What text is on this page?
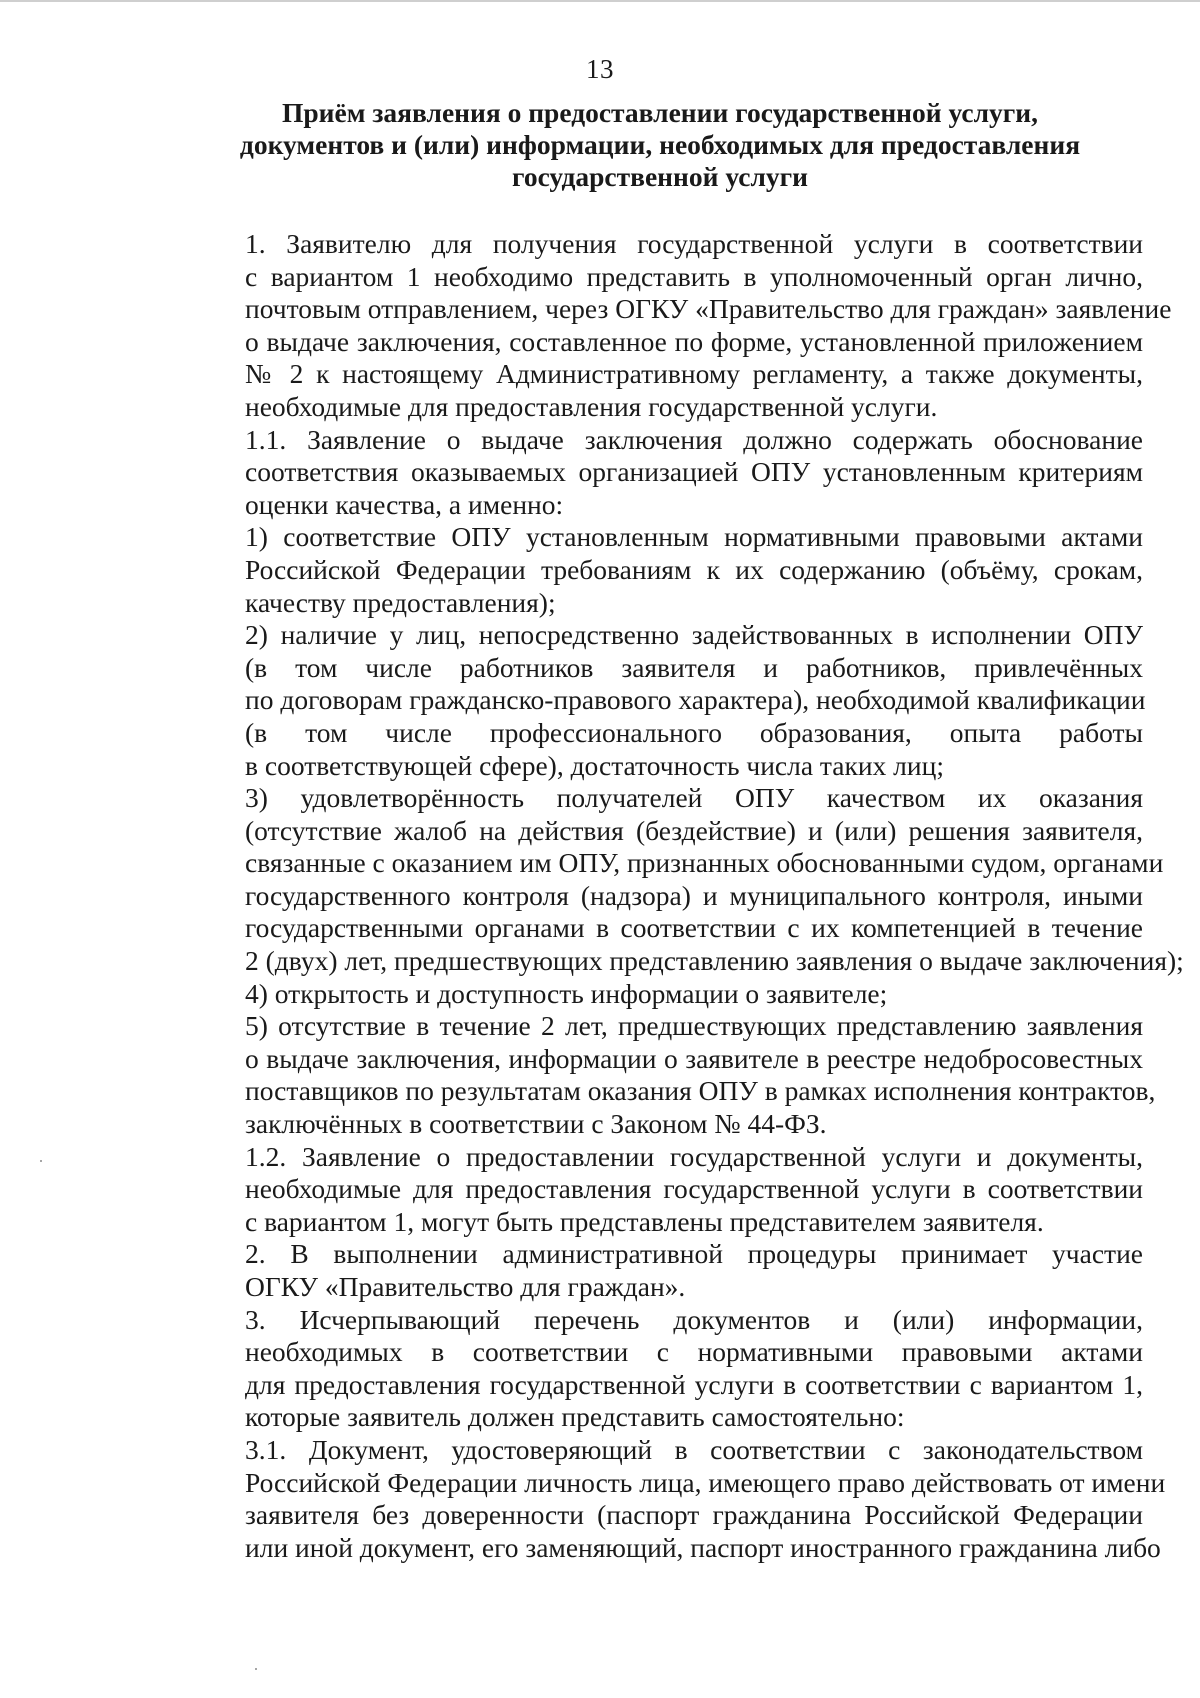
13
Приём заявления о предоставлении государственной услуги,
документов и (или) информации, необходимых для предоставления
государственной услуги
1. Заявителю для получения государственной услуги в соответствии
с вариантом 1 необходимо представить в уполномоченный орган лично,
почтовым отправлением, через ОГКУ «Правительство для граждан» заявление
о выдаче заключения, составленное по форме, установленной приложением
№ 2 к настоящему Административному регламенту, а также документы,
необходимые для предоставления государственной услуги.
1.1. Заявление о выдаче заключения должно содержать обоснование
соответствия оказываемых организацией ОПУ установленным критериям
оценки качества, а именно:
1) соответствие ОПУ установленным нормативными правовыми актами
Российской Федерации требованиям к их содержанию (объёму, срокам,
качеству предоставления);
2) наличие у лиц, непосредственно задействованных в исполнении ОПУ
(в том числе работников заявителя и работников, привлечённых
по договорам гражданско-правового характера), необходимой квалификации
(в том числе профессионального образования, опыта работы
в соответствующей сфере), достаточность числа таких лиц;
3) удовлетворённость получателей ОПУ качеством их оказания
(отсутствие жалоб на действия (бездействие) и (или) решения заявителя,
связанные с оказанием им ОПУ, признанных обоснованными судом, органами
государственного контроля (надзора) и муниципального контроля, иными
государственными органами в соответствии с их компетенцией в течение
2 (двух) лет, предшествующих представлению заявления о выдаче заключения);
4) открытость и доступность информации о заявителе;
5) отсутствие в течение 2 лет, предшествующих представлению заявления
о выдаче заключения, информации о заявителе в реестре недобросовестных
поставщиков по результатам оказания ОПУ в рамках исполнения контрактов,
заключённых в соответствии с Законом № 44-ФЗ.
1.2. Заявление о предоставлении государственной услуги и документы,
необходимые для предоставления государственной услуги в соответствии
с вариантом 1, могут быть представлены представителем заявителя.
2. В выполнении административной процедуры принимает участие
ОГКУ «Правительство для граждан».
3. Исчерпывающий перечень документов и (или) информации,
необходимых в соответствии с нормативными правовыми актами
для предоставления государственной услуги в соответствии с вариантом 1,
которые заявитель должен представить самостоятельно:
3.1. Документ, удостоверяющий в соответствии с законодательством
Российской Федерации личность лица, имеющего право действовать от имени
заявителя без доверенности (паспорт гражданина Российской Федерации
или иной документ, его заменяющий, паспорт иностранного гражданина либо
